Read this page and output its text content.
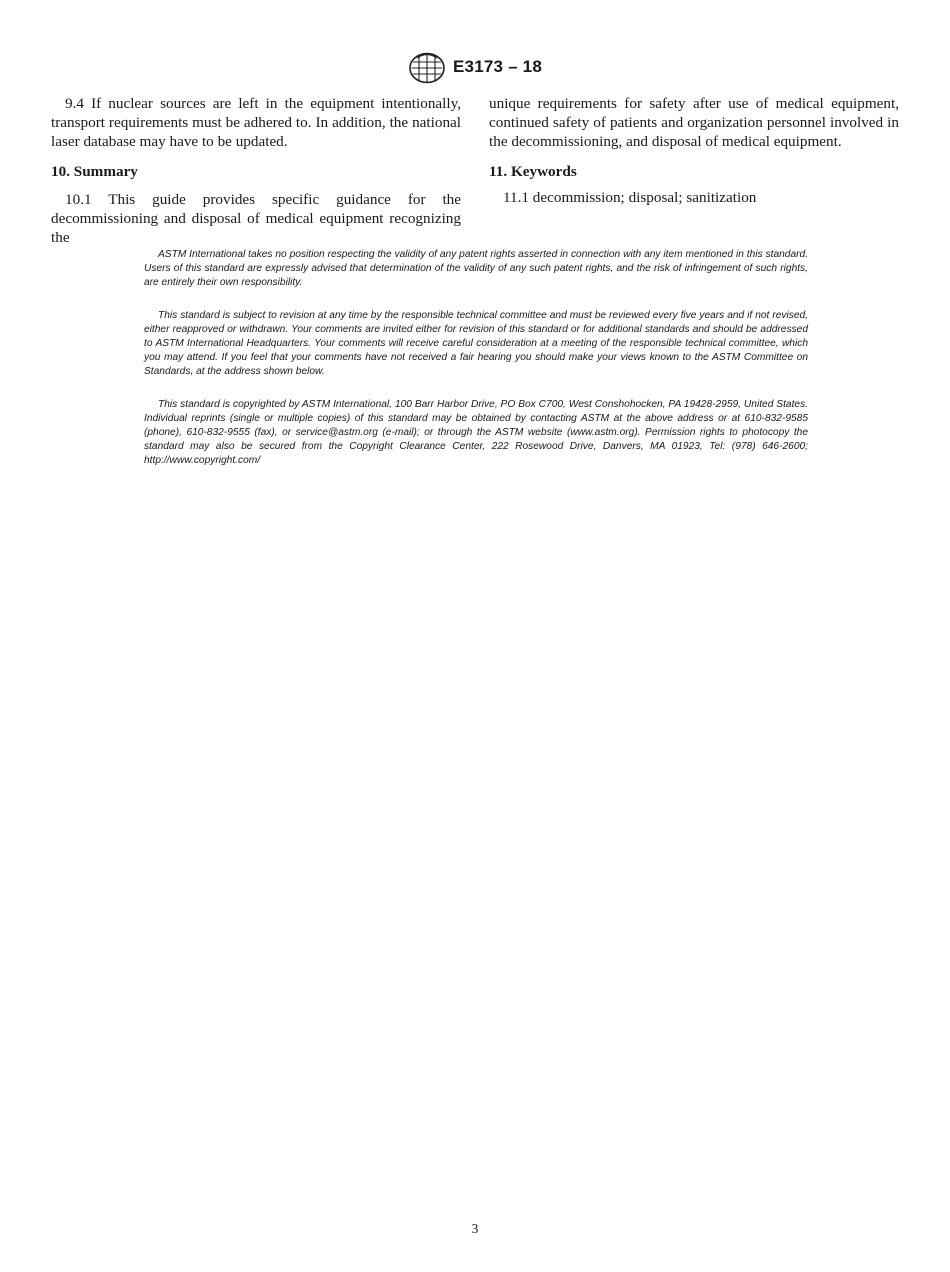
E3173 – 18

9.4 If nuclear sources are left in the equipment intentionally, transport requirements must be adhered to. In addition, the national laser database may have to be updated.

10. Summary

10.1 This guide provides specific guidance for the decommissioning and disposal of medical equipment recognizing the

unique requirements for safety after use of medical equipment, continued safety of patients and organization personnel involved in the decommissioning, and disposal of medical equipment.

11. Keywords

11.1 decommission; disposal; sanitization

ASTM International takes no position respecting the validity of any patent rights asserted in connection with any item mentioned in this standard. Users of this standard are expressly advised that determination of the validity of any such patent rights, and the risk of infringement of such rights, are entirely their own responsibility.

This standard is subject to revision at any time by the responsible technical committee and must be reviewed every five years and if not revised, either reapproved or withdrawn. Your comments are invited either for revision of this standard or for additional standards and should be addressed to ASTM International Headquarters. Your comments will receive careful consideration at a meeting of the responsible technical committee, which you may attend. If you feel that your comments have not received a fair hearing you should make your views known to the ASTM Committee on Standards, at the address shown below.

This standard is copyrighted by ASTM International, 100 Barr Harbor Drive, PO Box C700, West Conshohocken, PA 19428-2959, United States. Individual reprints (single or multiple copies) of this standard may be obtained by contacting ASTM at the above address or at 610-832-9585 (phone), 610-832-9555 (fax), or service@astm.org (e-mail); or through the ASTM website (www.astm.org). Permission rights to photocopy the standard may also be secured from the Copyright Clearance Center, 222 Rosewood Drive, Danvers, MA 01923, Tel: (978) 646-2600; http://www.copyright.com/

3
